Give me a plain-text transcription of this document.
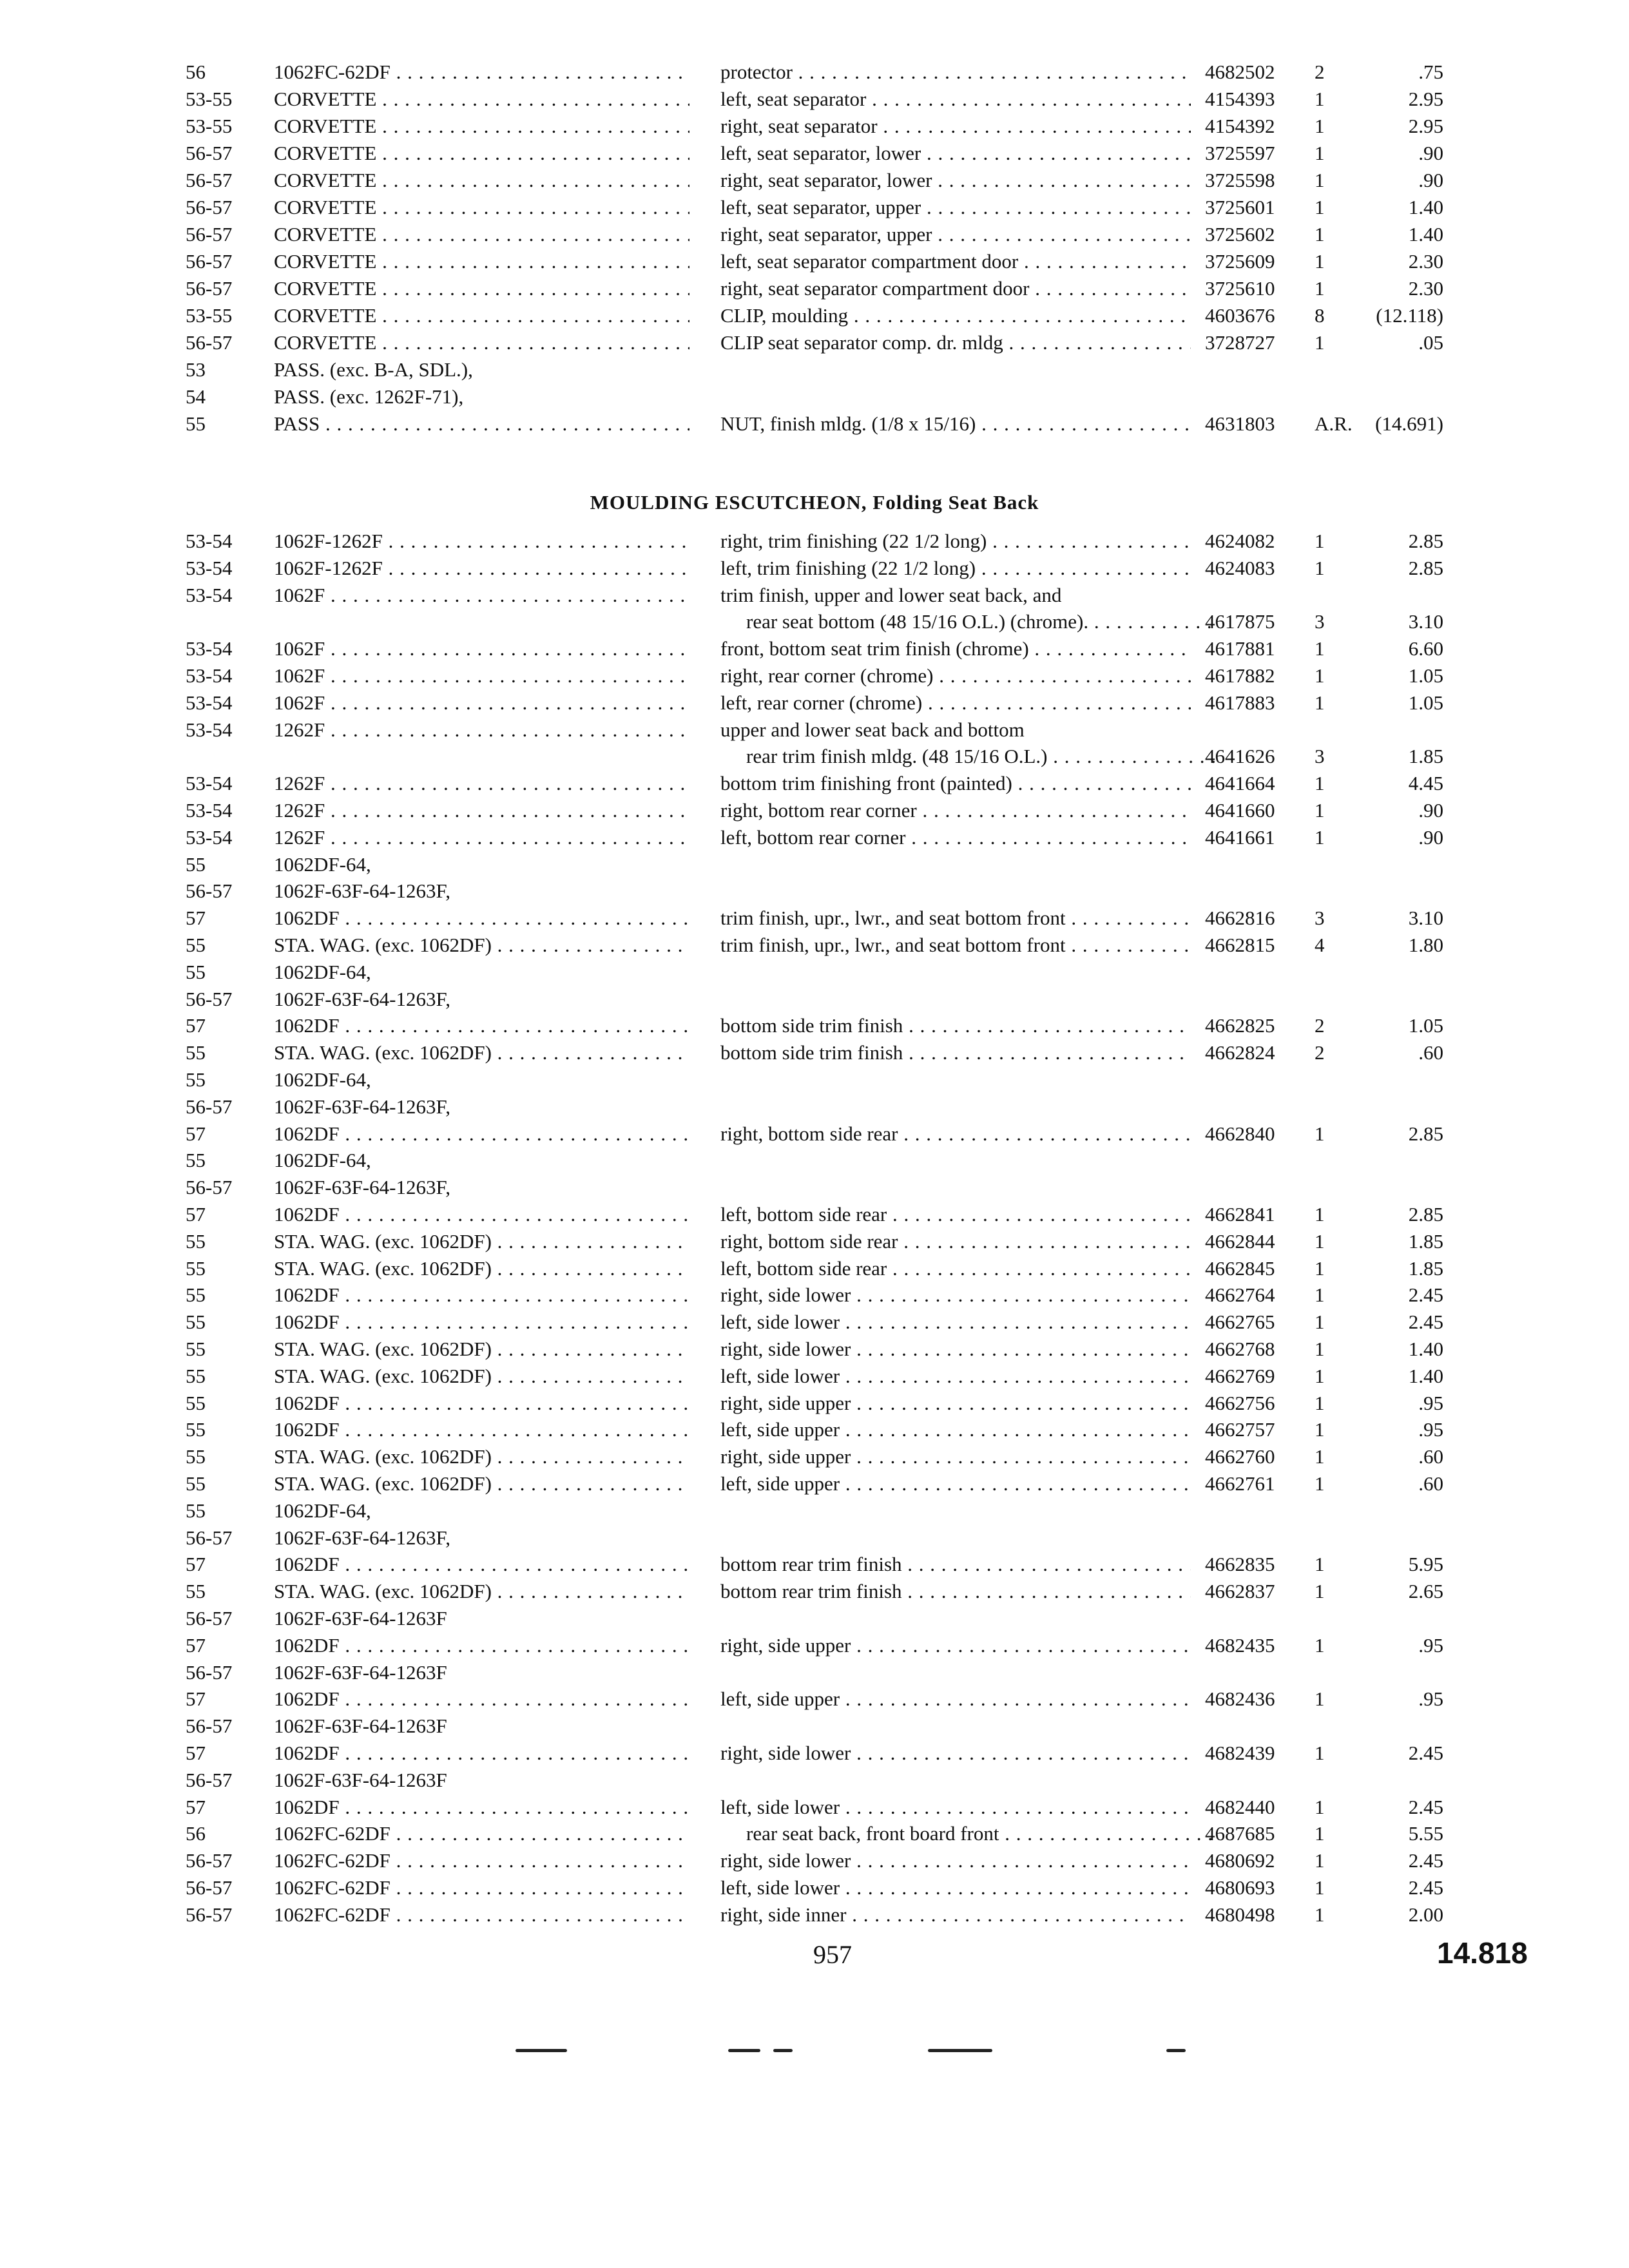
56	1062FC-62DF . . .	protector . . .	4682502	2	.75
53-55	CORVETTE . . .	left, seat separator . . .	4154393	1	2.95
53-55	CORVETTE . . .	right, seat separator . . .	4154392	1	2.95
56-57	CORVETTE . . .	left, seat separator, lower . . .	3725597	1	.90
56-57	CORVETTE . . .	right, seat separator, lower . . .	3725598	1	.90
56-57	CORVETTE . . .	left, seat separator, upper . . .	3725601	1	1.40
56-57	CORVETTE . . .	right, seat separator, upper . . .	3725602	1	1.40
56-57	CORVETTE . . .	left, seat separator compartment door . . .	3725609	1	2.30
56-57	CORVETTE . . .	right, seat separator compartment door . . .	3725610	1	2.30
53-55	CORVETTE . . .	CLIP, moulding . . .	4603676	8	(12.118)
56-57	CORVETTE . . .	CLIP seat separator comp. dr. mldg . . .	3728727	1	.05
53	PASS. (exc. B-A, SDL.),
54	PASS. (exc. 1262F-71),
55	PASS . . .	NUT, finish mldg. (1/8 x 15/16) . . .	4631803	A.R.	(14.691)
MOULDING ESCUTCHEON, Folding Seat Back
53-54	1062F-1262F . . .	right, trim finishing (22 1/2 long) . . .	4624082	1	2.85
53-54	1062F-1262F . . .	left, trim finishing (22 1/2 long) . . .	4624083	1	2.85
53-54	1062F . . .	trim finish, upper and lower seat back, and
rear seat bottom (48 15/16 O.L.) (chrome). . . .	4617875	3	3.10
53-54	1062F . . .	front, bottom seat trim finish (chrome) . . .	4617881	1	6.60
53-54	1062F . . .	right, rear corner (chrome) . . .	4617882	1	1.05
53-54	1062F . . .	left, rear corner (chrome) . . .	4617883	1	1.05
53-54	1262F . . .	upper and lower seat back and bottom
rear trim finish mldg. (48 15/16 O.L.) . . .	4641626	3	1.85
53-54	1262F . . .	bottom trim finishing front (painted) . . .	4641664	1	4.45
53-54	1262F . . .	right, bottom rear corner . . .	4641660	1	.90
53-54	1262F . . .	left, bottom rear corner . . .	4641661	1	.90
55	1062DF-64,
56-57	1062F-63F-64-1263F,
57	1062DF . . .	trim finish, upr., lwr., and seat bottom front . . .	4662816	3	3.10
55	STA. WAG. (exc. 1062DF) . . .	trim finish, upr., lwr., and seat bottom front . . .	4662815	4	1.80
55	1062DF-64,
56-57	1062F-63F-64-1263F,
57	1062DF . . .	bottom side trim finish . . .	4662825	2	1.05
55	STA. WAG. (exc. 1062DF) . . .	bottom side trim finish . . .	4662824	2	.60
55	1062DF-64,
56-57	1062F-63F-64-1263F,
57	1062DF . . .	right, bottom side rear . . .	4662840	1	2.85
55	1062DF-64,
56-57	1062F-63F-64-1263F,
57	1062DF . . .	left, bottom side rear . . .	4662841	1	2.85
55	STA. WAG. (exc. 1062DF) . . .	right, bottom side rear . . .	4662844	1	1.85
55	STA. WAG. (exc. 1062DF) . . .	left, bottom side rear . . .	4662845	1	1.85
55	1062DF . . .	right, side lower . . .	4662764	1	2.45
55	1062DF . . .	left, side lower . . .	4662765	1	2.45
55	STA. WAG. (exc. 1062DF) . . .	right, side lower . . .	4662768	1	1.40
55	STA. WAG. (exc. 1062DF) . . .	left, side lower . . .	4662769	1	1.40
55	1062DF . . .	right, side upper . . .	4662756	1	.95
55	1062DF . . .	left, side upper . . .	4662757	1	.95
55	STA. WAG. (exc. 1062DF) . . .	right, side upper . . .	4662760	1	.60
55	STA. WAG. (exc. 1062DF) . . .	left, side upper . . .	4662761	1	.60
55	1062DF-64,
56-57	1062F-63F-64-1263F,
57	1062DF . . .	bottom rear trim finish . . .	4662835	1	5.95
55	STA. WAG. (exc. 1062DF) . . .	bottom rear trim finish . . .	4662837	1	2.65
56-57	1062F-63F-64-1263F
57	1062DF . . .	right, side upper . . .	4682435	1	.95
56-57	1062F-63F-64-1263F
57	1062DF . . .	left, side upper . . .	4682436	1	.95
56-57	1062F-63F-64-1263F
57	1062DF . . .	right, side lower . . .	4682439	1	2.45
56-57	1062F-63F-64-1263F
57	1062DF . . .	left, side lower . . .	4682440	1	2.45
56	1062FC-62DF . . .	rear seat back, front board front . . .	4687685	1	5.55
56-57	1062FC-62DF . . .	right, side lower . . .	4680692	1	2.45
56-57	1062FC-62DF . . .	left, side lower . . .	4680693	1	2.45
56-57	1062FC-62DF . . .	right, side inner . . .	4680498	1	2.00
957	14.818
